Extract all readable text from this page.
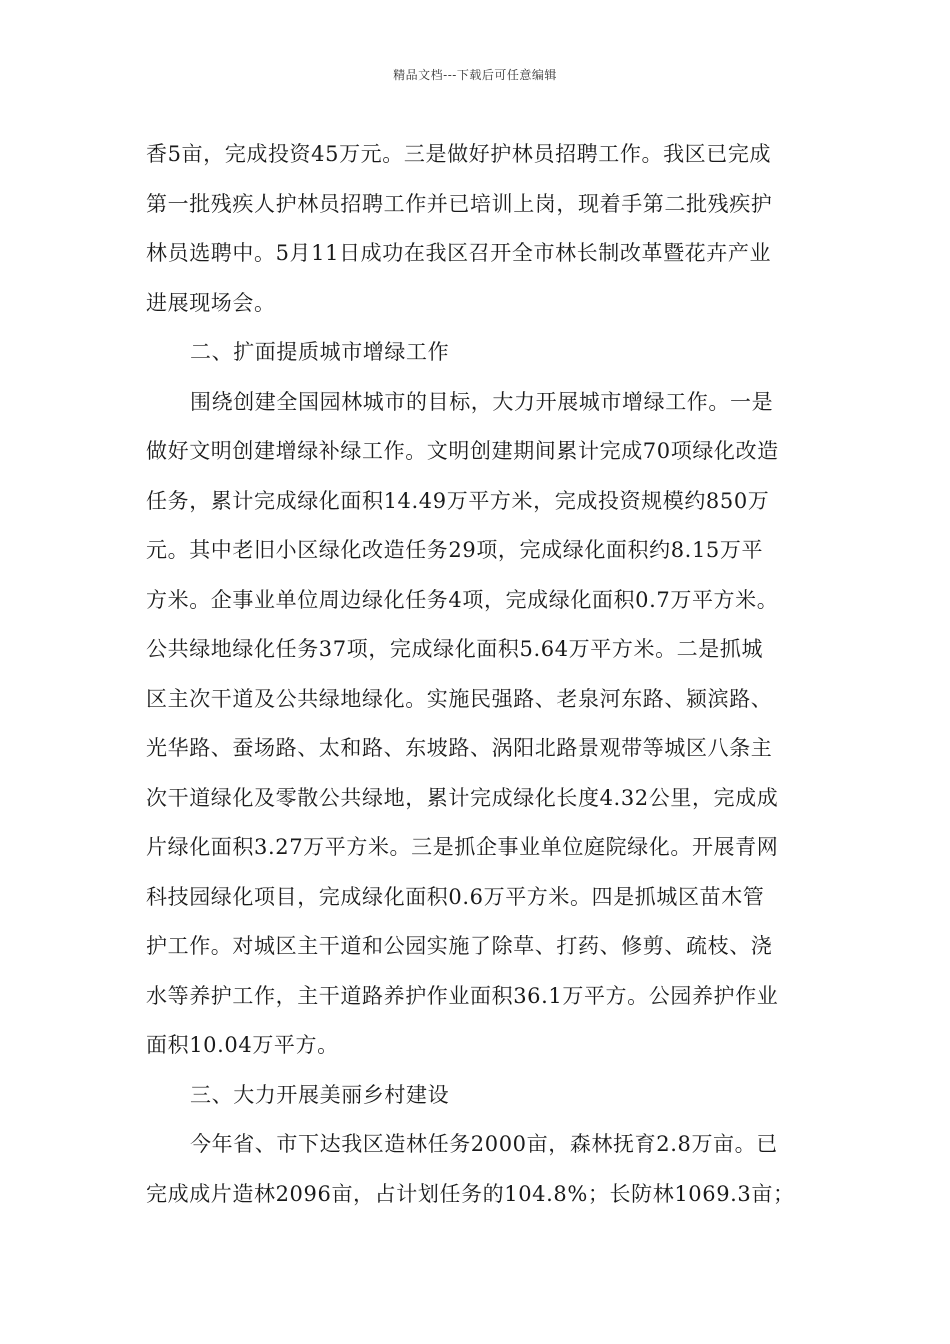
精品文档---下载后可任意编辑
香5亩，完成投资45万元。三是做好护林员招聘工作。我区已完成
第一批残疾人护林员招聘工作并已培训上岗，现着手第二批残疾护
林员选聘中。5月11日成功在我区召开全市林长制改革暨花卉产业
进展现场会。
二、扩面提质城市增绿工作
围绕创建全国园林城市的目标，大力开展城市增绿工作。一是
做好文明创建增绿补绿工作。文明创建期间累计完成70项绿化改造
任务，累计完成绿化面积14.49万平方米，完成投资规模约850万
元。其中老旧小区绿化改造任务29项，完成绿化面积约8.15万平
方米。企事业单位周边绿化任务4项，完成绿化面积0.7万平方米。
公共绿地绿化任务37项，完成绿化面积5.64万平方米。二是抓城
区主次干道及公共绿地绿化。实施民强路、老泉河东路、颍滨路、
光华路、蚕场路、太和路、东坡路、涡阳北路景观带等城区八条主
次干道绿化及零散公共绿地，累计完成绿化长度4.32公里，完成成
片绿化面积3.27万平方米。三是抓企事业单位庭院绿化。开展青网
科技园绿化项目，完成绿化面积0.6万平方米。四是抓城区苗木管
护工作。对城区主干道和公园实施了除草、打药、修剪、疏枝、浇
水等养护工作，主干道路养护作业面积36.1万平方。公园养护作业
面积10.04万平方。
三、大力开展美丽乡村建设
今年省、市下达我区造林任务2000亩，森林抚育2.8万亩。已
完成成片造林2096亩，占计划任务的104.8%；长防林1069.3亩；
